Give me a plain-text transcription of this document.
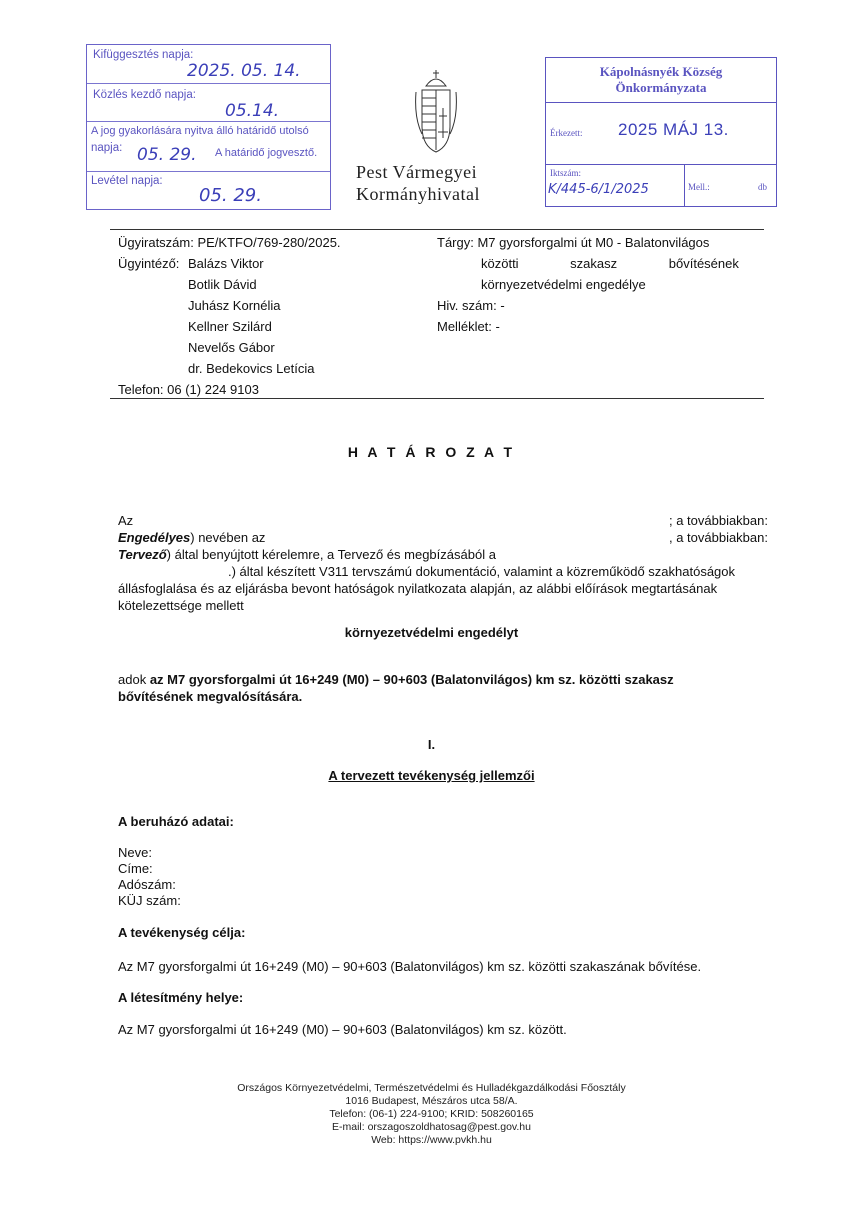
Kifüggesztés napja:
2025. 05. 14.
Közlés kezdő napja:
05.14.
A jog gyakorlására nyitva álló határidő utolsó
napja: 05. 29. A határidő jogvesztő.
Levétel napja:
05. 29.
Pest Vármegyei
Kormányhivatal
Kápolnásnyék Község
Önkormányzata
Érkezett: 2025 MÁJ 13.
Iktszám:
K/445-6/1/2025	Mell.:	db
Ügyiratszám: PE/KTFO/769-280/2025.
Ügyintéző: Balázs Viktor
Botlik Dávid
Juhász Kornélia
Kellner Szilárd
Nevelős Gábor
dr. Bedekovics Letícia
Telefon: 06 (1) 224 9103
Tárgy: M7 gyorsforgalmi út M0 - Balatonvilágos
közötti szakasz bővítésének
környezetvédelmi engedélye
Hiv. szám: -
Melléklet: -
H A T Á R O Z A T
Az	; a továbbiakban:
Engedélyes) nevében az	, a továbbiakban:
Tervező) által benyújtott kérelemre, a Tervező és megbízásából a
.) által készített V311 tervszámú dokumentáció, valamint a közreműködő szakhatóságok
állásfoglalása és az eljárásba bevont hatóságok nyilatkozata alapján, az alábbi előírások megtartásának
kötelezettsége mellett
környezetvédelmi engedélyt
adok az M7 gyorsforgalmi út 16+249 (M0) – 90+603 (Balatonvilágos) km sz. közötti szakasz
bővítésének megvalósítására.
I.
A tervezett tevékenység jellemzői
A beruházó adatai:
Neve:
Címe:
Adószám:
KÜJ szám:
A tevékenység célja:
Az M7 gyorsforgalmi út 16+249 (M0) – 90+603 (Balatonvilágos) km sz. közötti szakaszának bővítése.
A létesítmény helye:
Az M7 gyorsforgalmi út 16+249 (M0) – 90+603 (Balatonvilágos) km sz. között.
Országos Környezetvédelmi, Természetvédelmi és Hulladékgazdálkodási Főosztály
1016 Budapest, Mészáros utca 58/A.
Telefon: (06-1) 224-9100; KRID: 508260165
E-mail: orszagoszoldhatosag@pest.gov.hu
Web: https://www.pvkh.hu
